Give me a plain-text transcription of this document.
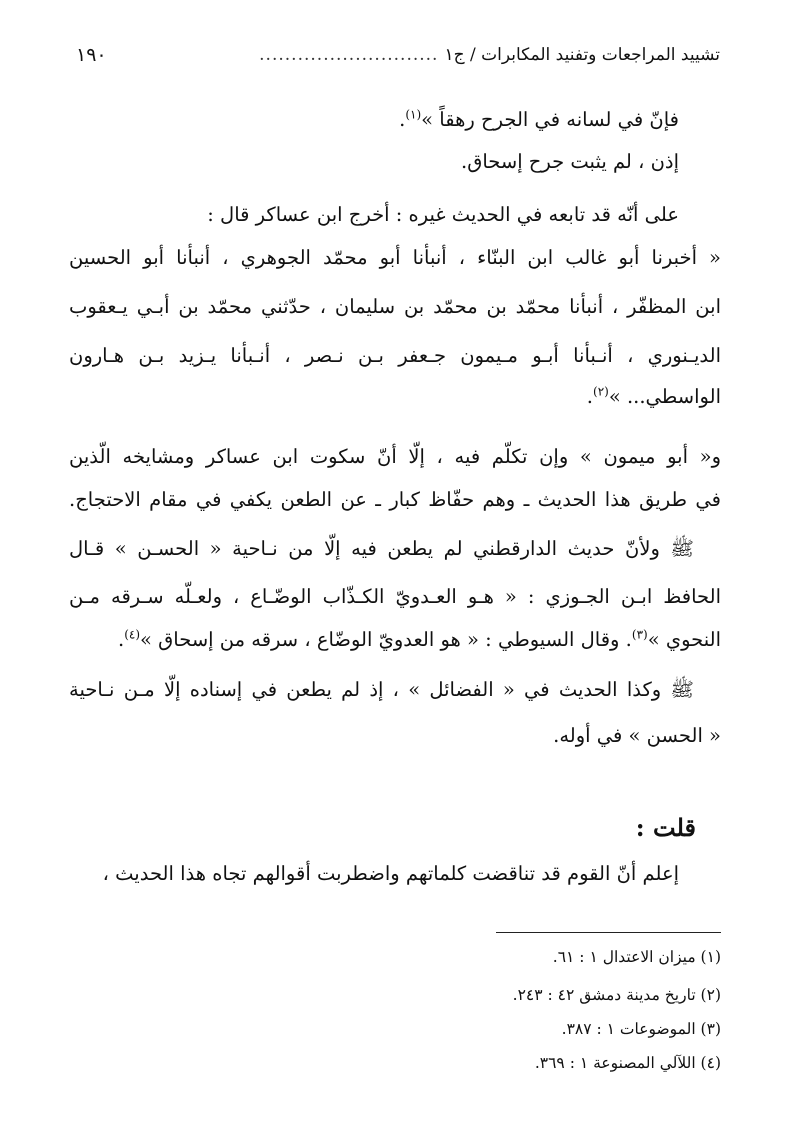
تشييد المراجعات وتفنيد المكابرات / ج١
............................
١٩٠
فإنّ في لسانه في الجرح رهقاً »$^{(١)}$.
إذن ، لم يثبت جرح إسحاق.
على أنّه قد تابعه في الحديث غيره : أخرج ابن عساكر قال :
« أخبرنا أبو غالب ابن البنّاء ، أنبأنا أبو محمّد الجوهري ، أنبأنا أبو الحسين
ابن المظفّر ، أنبأنا محمّد بن محمّد بن سليمان ، حدّثني محمّد بن أبـي يـعقوب
الديـنوري ، أنـبأنا أبـو مـيمون جـعفر بـن نـصر ، أنـبأنا يـزيد بـن هـارون
الواسطي... »$^{(٢)}$.
و« أبو ميمون » وإن تكلّم فيه ، إلّا أنّ سكوت ابن عساكر ومشايخه الّذين
في طريق هذا الحديث ـ وهم حفّاظ كبار ـ عن الطعن يكفي في مقام الاحتجاج.
ﷺ ولأنّ حديث الدارقطني لم يطعن فيه إلّا من نـاحية « الحسـن » قـال
الحافظ ابـن الجـوزي : « هـو العـدويّ الكـذّاب الوضّـاع ، ولعـلّه سـرقه مـن
النحوي »$^{(٣)}$. وقال السيوطي : « هو العدويّ الوضّاع ، سرقه من إسحاق »$^{(٤)}$.
ﷺ وكذا الحديث في « الفضائل » ، إذ لم يطعن في إسناده إلّا مـن نـاحية
« الحسن » في أوله.
قلت :
إعلم أنّ القوم قد تناقضت كلماتهم واضطربت أقوالهم تجاه هذا الحديث ،
(١) ميزان الاعتدال ١ : ٦١.
(٢) تاريخ مدينة دمشق ٤٢ : ٢٤٣.
(٣) الموضوعات ١ : ٣٨٧.
(٤) اللآلي المصنوعة ١ : ٣٦٩.
